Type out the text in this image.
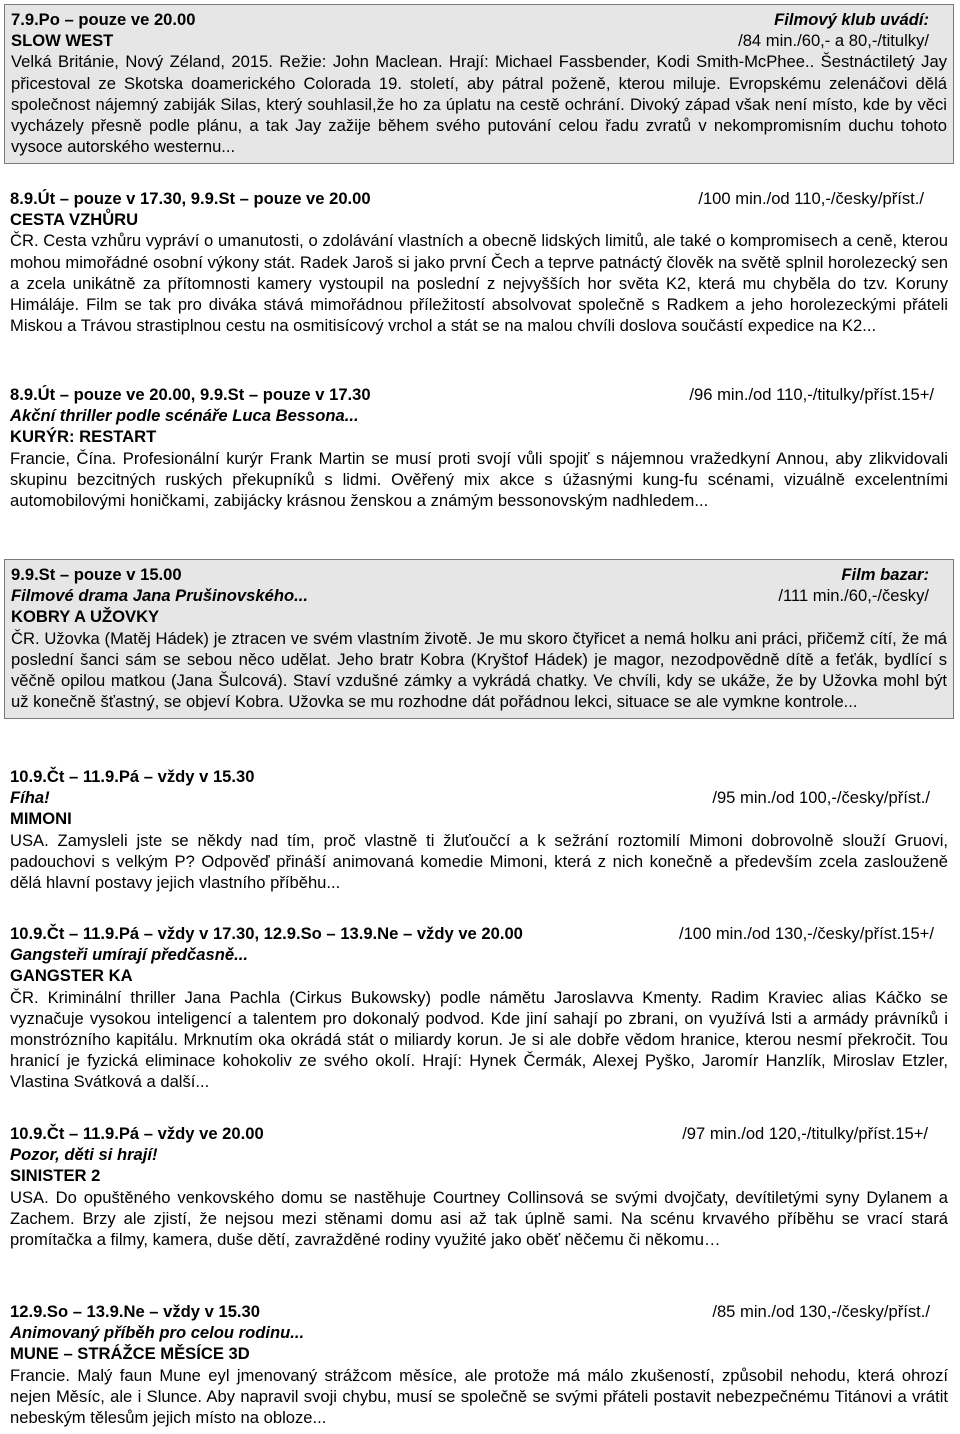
7.9.Po – pouze ve 20.00	Filmový klub uvádí:
SLOW WEST	/84 min./60,- a 80,-/titulky/
Velká Británie, Nový Zéland, 2015. Režie: John Maclean. Hrají: Michael Fassbender, Kodi Smith-McPhee.. Šestnáctiletý Jay přicestoval ze Skotska doamerického Colorada 19. století, aby pátral poženě, kterou miluje. Evropskému zelenáčovi dělá společnost nájemný zabiják Silas, který souhlasil,že ho za úplatu na cestě ochrání. Divoký západ však není místo, kde by věci vycházely přesně podle plánu, a tak Jay zažije během svého putování celou řadu zvratů v nekompromisním duchu tohoto vysoce autorského westernu...
8.9.Út – pouze v 17.30, 9.9.St – pouze ve 20.00	/100 min./od 110,-/česky/příst./
CESTA VZHŮRU
ČR. Cesta vzhůru vypráví o umanutosti, o zdolávání vlastních a obecně lidských limitů, ale také o kompromisech a ceně, kterou mohou mimořádné osobní výkony stát. Radek Jaroš si jako první Čech a teprve patnáctý člověk na světě splnil horolezecký sen a zcela unikátně za přítomnosti kamery vystoupil na poslední z nejvyšších hor světa K2, která mu chyběla do tzv. Koruny Himáláje. Film se tak pro diváka stává mimořádnou příležitostí absolvovat společně s Radkem a jeho horolezeckými přáteli Miskou a Trávou strastiplnou cestu na osmitisícový vrchol a stát se na malou chvíli doslova součástí expedice na K2...
8.9.Út – pouze ve 20.00, 9.9.St – pouze v 17.30	/96 min./od 110,-/titulky/příst.15+/
Akční thriller podle scénáře Luca Bessona...
KURÝR: RESTART
Francie, Čína. Profesionální kurýr Frank Martin se musí proti svojí vůli spojiť s nájemnou vražedkyní Annou, aby zlikvidovali skupinu bezcitných ruských překupníků s lidmi. Ověřený mix akce s úžasnými kung-fu scénami, vizuálně excelentními automobilovými honičkami, zabijácky krásnou ženskou a známým bessonovským nadhledem...
9.9.St – pouze v 15.00	Film bazar:
Filmové drama Jana Prušinovského...	/111 min./60,-/česky/
KOBRY A UŽOVKY
ČR. Užovka (Matěj Hádek) je ztracen ve svém vlastním životě. Je mu skoro čtyřicet a nemá holku ani práci, přičemž cítí, že má poslední šanci sám se sebou něco udělat. Jeho bratr Kobra (Kryštof Hádek) je magor, nezodpovědně dítě a feťák, bydlící s věčně opilou matkou (Jana Šulcová). Staví vzdušné zámky a vykrádá chatky. Ve chvíli, kdy se ukáže, že by Užovka mohl být už konečně šťastný, se objeví Kobra. Užovka se mu rozhodne dát pořádnou lekci, situace se ale vymkne kontrole...
10.9.Čt – 11.9.Pá – vždy v 15.30
Fíha!	/95 min./od 100,-/česky/příst./
MIMONI
USA. Zamysleli jste se někdy nad tím, proč vlastně ti žluťoučcí a k sežrání roztomilí Mimoni dobrovolně slouží Gruovi, padouchovi s velkým P? Odpověď přináší animovaná komedie Mimoni, která z nich konečně a především zcela zaslouženě dělá hlavní postavy jejich vlastního příběhu...
10.9.Čt – 11.9.Pá – vždy v 17.30, 12.9.So – 13.9.Ne – vždy ve 20.00	/100 min./od 130,-/česky/příst.15+/
Gangsteři umírají předčasně...
GANGSTER KA
ČR. Kriminální thriller Jana Pachla (Cirkus Bukowsky) podle námětu Jaroslavva Kmenty. Radim Kraviec alias Káčko se vyznačuje vysokou inteligencí a talentem pro dokonalý podvod. Kde jiní sahají po zbrani, on využívá lsti a armády právníků i monstrózního kapitálu. Mrknutím oka okrádá stát o miliardy korun. Je si ale dobře vědom hranice, kterou nesmí překročit. Tou hranicí je fyzická eliminace kohokoliv ze svého okolí. Hrají: Hynek Čermák, Alexej Pyško, Jaromír Hanzlík, Miroslav Etzler, Vlastina Svátková a další...
10.9.Čt – 11.9.Pá – vždy ve 20.00	/97 min./od 120,-/titulky/příst.15+/
Pozor, děti si hrají!
SINISTER 2
USA. Do opuštěného venkovského domu se nastěhuje Courtney Collinsová se svými dvojčaty, devítiletými syny Dylanem a Zachem. Brzy ale zjistí, že nejsou mezi stěnami domu asi až tak úplně sami. Na scénu krvavého příběhu se vrací stará promítačka a filmy, kamera, duše dětí, zavražděné rodiny využité jako oběť něčemu či někomu…
12.9.So – 13.9.Ne – vždy v 15.30	/85 min./od 130,-/česky/příst./
Animovaný příběh pro celou rodinu...
MUNE – STRÁŽCE MĚSÍCE 3D
Francie. Malý faun Mune eyl jmenovaný strážcom měsíce, ale protože má málo zkušeností, způsobil nehodu, která ohrozí nejen Měsíc, ale i Slunce. Aby napravil svoji chybu, musí se společně se svými přáteli postavit nebezpečnému Titánovi a vrátit nebeským tělesům jejich místo na obloze...
